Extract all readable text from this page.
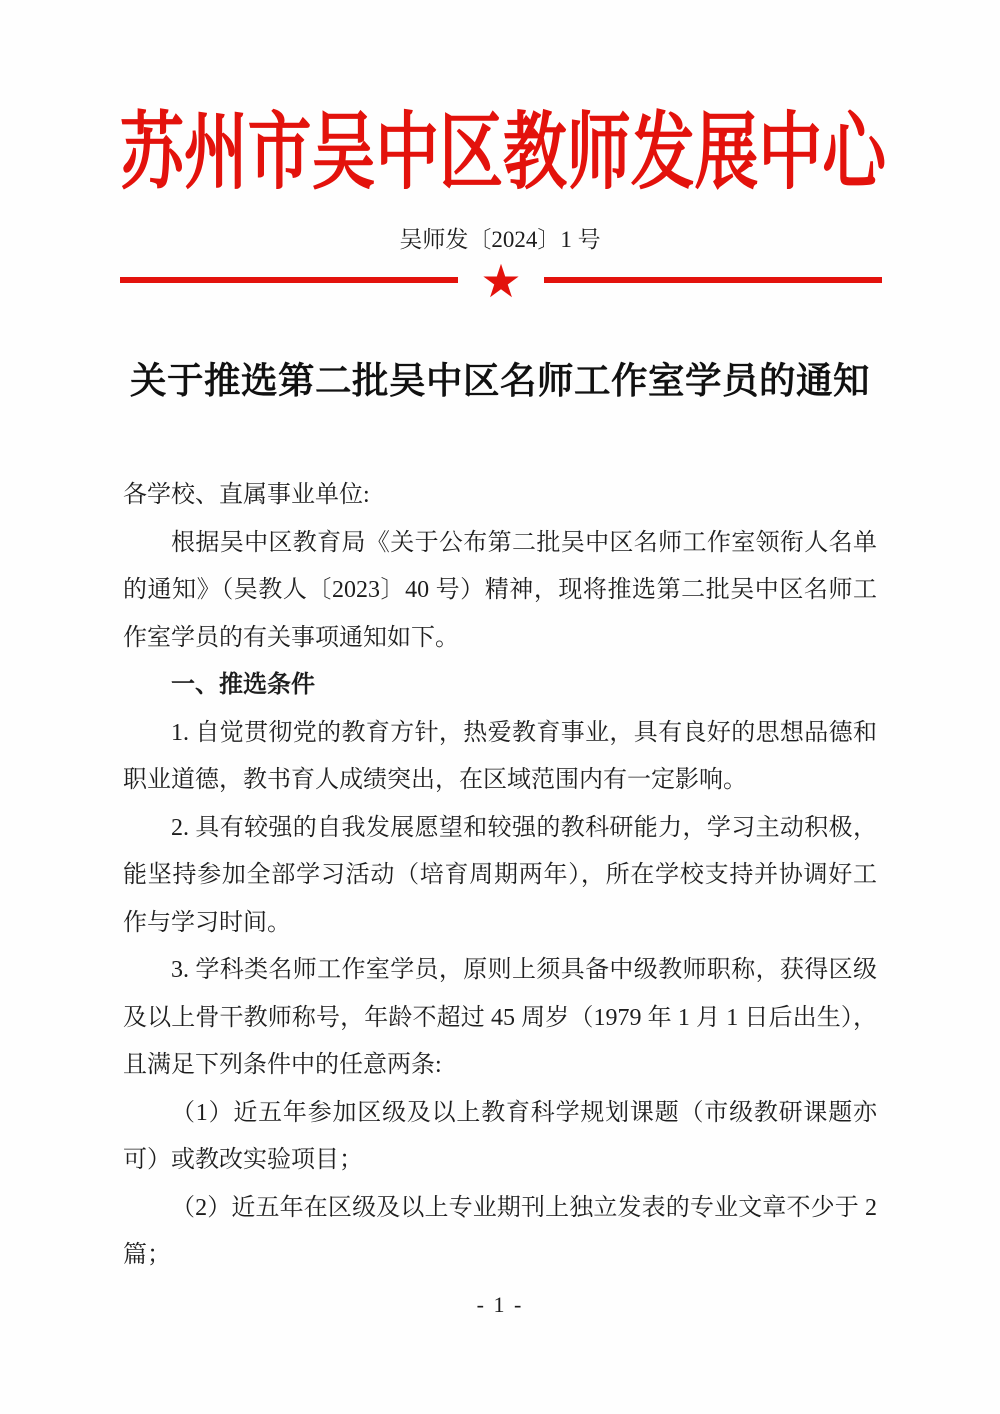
苏州市吴中区教师发展中心
吴师发〔2024〕1 号
★
关于推选第二批吴中区名师工作室学员的通知

各学校、直属事业单位:

根据吴中区教育局《关于公布第二批吴中区名师工作室领衔人名单的通知》（吴教人〔2023〕40 号）精神，现将推选第二批吴中区名师工作室学员的有关事项通知如下。

一、推选条件

1. 自觉贯彻党的教育方针，热爱教育事业，具有良好的思想品德和职业道德，教书育人成绩突出，在区域范围内有一定影响。

2. 具有较强的自我发展愿望和较强的教科研能力，学习主动积极，能坚持参加全部学习活动（培育周期两年），所在学校支持并协调好工作与学习时间。

3. 学科类名师工作室学员，原则上须具备中级教师职称，获得区级及以上骨干教师称号，年龄不超过 45 周岁（1979 年 1 月 1 日后出生），且满足下列条件中的任意两条:

（1）近五年参加区级及以上教育科学规划课题（市级教研课题亦可）或教改实验项目；

（2）近五年在区级及以上专业期刊上独立发表的专业文章不少于 2 篇；

- 1 -
